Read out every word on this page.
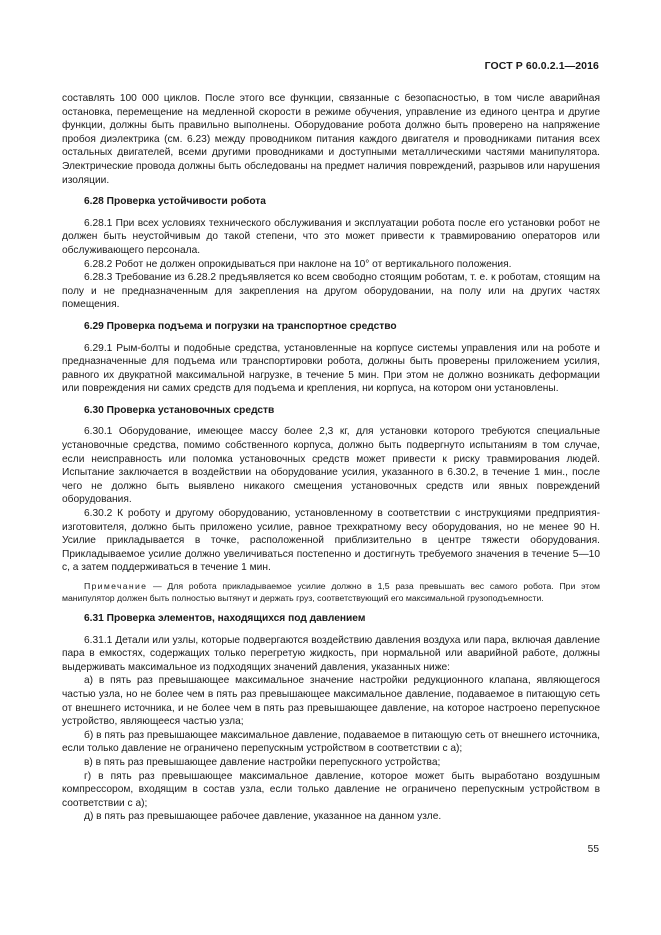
ГОСТ Р 60.0.2.1—2016

составлять 100 000 циклов. После этого все функции, связанные с безопасностью, в том числе аварийная остановка, перемещение на медленной скорости в режиме обучения, управление из единого центра и другие функции, должны быть правильно выполнены. Оборудование робота должно быть проверено на напряжение пробоя диэлектрика (см. 6.23) между проводником питания каждого двигателя и проводниками питания всех остальных двигателей, всеми другими проводниками и доступными металлическими частями манипулятора. Электрические провода должны быть обследованы на предмет наличия повреждений, разрывов или нарушения изоляции.

6.28 Проверка устойчивости робота

6.28.1 При всех условиях технического обслуживания и эксплуатации робота после его установки робот не должен быть неустойчивым до такой степени, что это может привести к травмированию операторов или обслуживающего персонала.

6.28.2 Робот не должен опрокидываться при наклоне на 10° от вертикального положения.

6.28.3 Требование из 6.28.2 предъявляется ко всем свободно стоящим роботам, т. е. к роботам, стоящим на полу и не предназначенным для закрепления на другом оборудовании, на полу или на других частях помещения.

6.29 Проверка подъема и погрузки на транспортное средство

6.29.1 Рым-болты и подобные средства, установленные на корпусе системы управления или на роботе и предназначенные для подъема или транспортировки робота, должны быть проверены приложением усилия, равного их двукратной максимальной нагрузке, в течение 5 мин. При этом не должно возникать деформации или повреждения ни самих средств для подъема и крепления, ни корпуса, на котором они установлены.

6.30 Проверка установочных средств

6.30.1 Оборудование, имеющее массу более 2,3 кг, для установки которого требуются специальные установочные средства, помимо собственного корпуса, должно быть подвергнуто испытаниям в том случае, если неисправность или поломка установочных средств может привести к риску травмирования людей. Испытание заключается в воздействии на оборудование усилия, указанного в 6.30.2, в течение 1 мин., после чего не должно быть выявлено никакого смещения установочных средств или явных повреждений оборудования.

6.30.2 К роботу и другому оборудованию, установленному в соответствии с инструкциями предприятия-изготовителя, должно быть приложено усилие, равное трехкратному весу оборудования, но не менее 90 Н. Усилие прикладывается в точке, расположенной приблизительно в центре тяжести оборудования. Прикладываемое усилие должно увеличиваться постепенно и достигнуть требуемого значения в течение 5—10 с, а затем поддерживаться в течение 1 мин.

Примечание — Для робота прикладываемое усилие должно в 1,5 раза превышать вес самого робота. При этом манипулятор должен быть полностью вытянут и держать груз, соответствующий его максимальной грузоподъемности.

6.31 Проверка элементов, находящихся под давлением

6.31.1 Детали или узлы, которые подвергаются воздействию давления воздуха или пара, включая давление пара в емкостях, содержащих только перегретую жидкость, при нормальной или аварийной работе, должны выдерживать максимальное из подходящих значений давления, указанных ниже:

а) в пять раз превышающее максимальное значение настройки редукционного клапана, являющегося частью узла, но не более чем в пять раз превышающее максимальное давление, подаваемое в питающую сеть от внешнего источника, и не более чем в пять раз превышающее давление, на которое настроено перепускное устройство, являющееся частью узла;

б) в пять раз превышающее максимальное давление, подаваемое в питающую сеть от внешнего источника, если только давление не ограничено перепускным устройством в соответствии с а);

в) в пять раз превышающее давление настройки перепускного устройства;

г) в пять раз превышающее максимальное давление, которое может быть выработано воздушным компрессором, входящим в состав узла, если только давление не ограничено перепускным устройством в соответствии с а);

д) в пять раз превышающее рабочее давление, указанное на данном узле.

55
